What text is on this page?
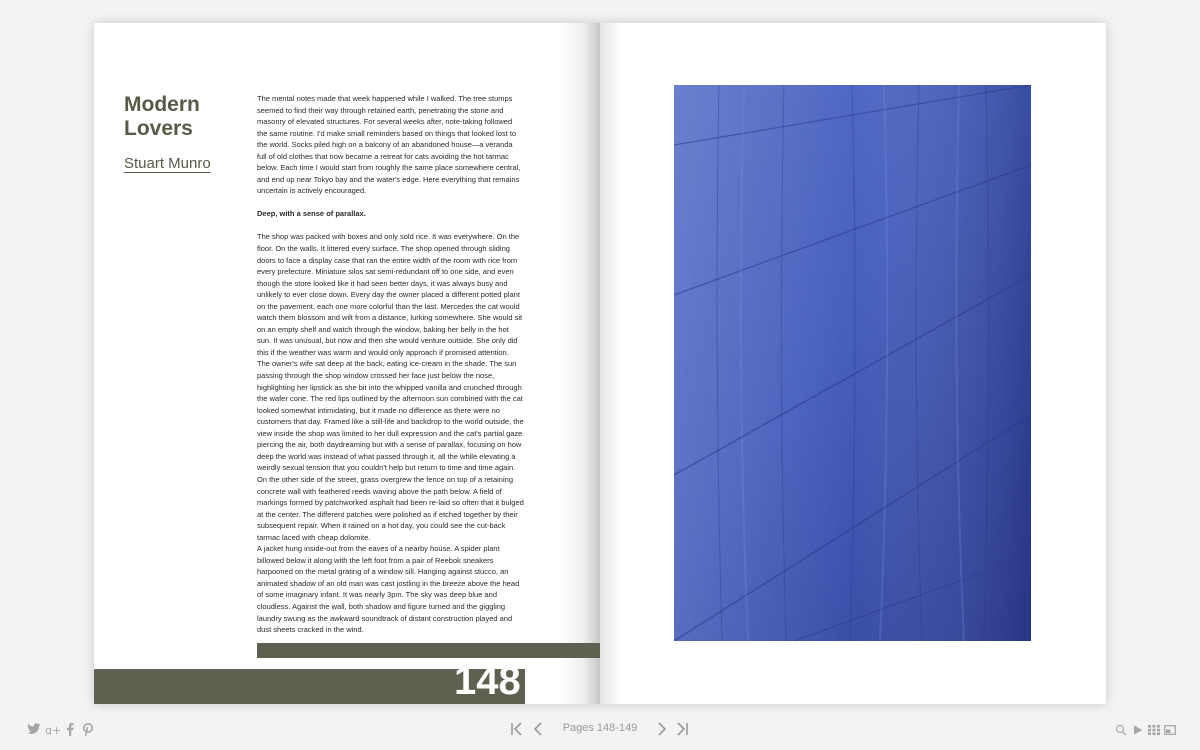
Modern Lovers
Stuart Munro

The mental notes made that week happened while I walked. The tree stumps seemed to find their way through retained earth, penetrating the stone and masonry of elevated structures. For several weeks after, note-taking followed the same routine. I'd make small reminders based on things that looked lost to the world. Socks piled high on a balcony of an abandoned house—a veranda full of old clothes that now became a retreat for cats avoiding the hot tarmac below. Each time I would start from roughly the same place somewhere central, and end up near Tokyo bay and the water's edge. Here everything that remains uncertain is actively encouraged.

Deep, with a sense of parallax.

The shop was packed with boxes and only sold rice. It was everywhere. On the floor. On the walls. It littered every surface. The shop opened through sliding doors to face a display case that ran the entire width of the room with rice from every prefecture. Miniature silos sat semi-redundant off to one side, and even though the store looked like it had seen better days, it was always busy and unlikely to ever close down. Every day the owner placed a different potted plant on the pavement, each one more colorful than the last. Mercedes the cat would watch them blossom and wilt from a distance, lurking somewhere. She would sit on an empty shelf and watch through the window, baking her belly in the hot sun. It was unusual, but now and then she would venture outside. She only did this if the weather was warm and would only approach if promised attention.

The owner's wife sat deep at the back, eating ice-cream in the shade. The sun passing through the shop window crossed her face just below the nose, highlighting her lipstick as she bit into the whipped vanilla and crunched through the wafer cone. The red lips outlined by the afternoon sun combined with the cat looked somewhat intimidating, but it made no difference as there were no customers that day. Framed like a still-life and backdrop to the world outside, the view inside the shop was limited to her dull expression and the cat's partial gaze piercing the air, both daydreaming but with a sense of parallax, focusing on how deep the world was instead of what passed through it, all the while elevating a weirdly sexual tension that you couldn't help but return to time and time again.

On the other side of the street, grass overgrew the fence on top of a retaining concrete wall with feathered reeds waving above the path below. A field of markings formed by patchworked asphalt had been re-laid so often that it bulged at the center. The different patches were polished as if etched together by their subsequent repair. When it rained on a hot day, you could see the cut-back tarmac laced with cheap dolomite.

A jacket hung inside-out from the eaves of a nearby house. A spider plant billowed below it along with the left foot from a pair of Reebok sneakers harpooned on the metal grating of a window sill. Hanging against stucco, an animated shadow of an old man was cast jostling in the breeze above the head of some imaginary infant. It was nearly 3pm. The sky was deep blue and cloudless. Against the wall, both shadow and figure turned and the giggling laundry swung as the awkward soundtrack of distant construction played and dust sheets cracked in the wind.

148
g+	Pages 148-149
